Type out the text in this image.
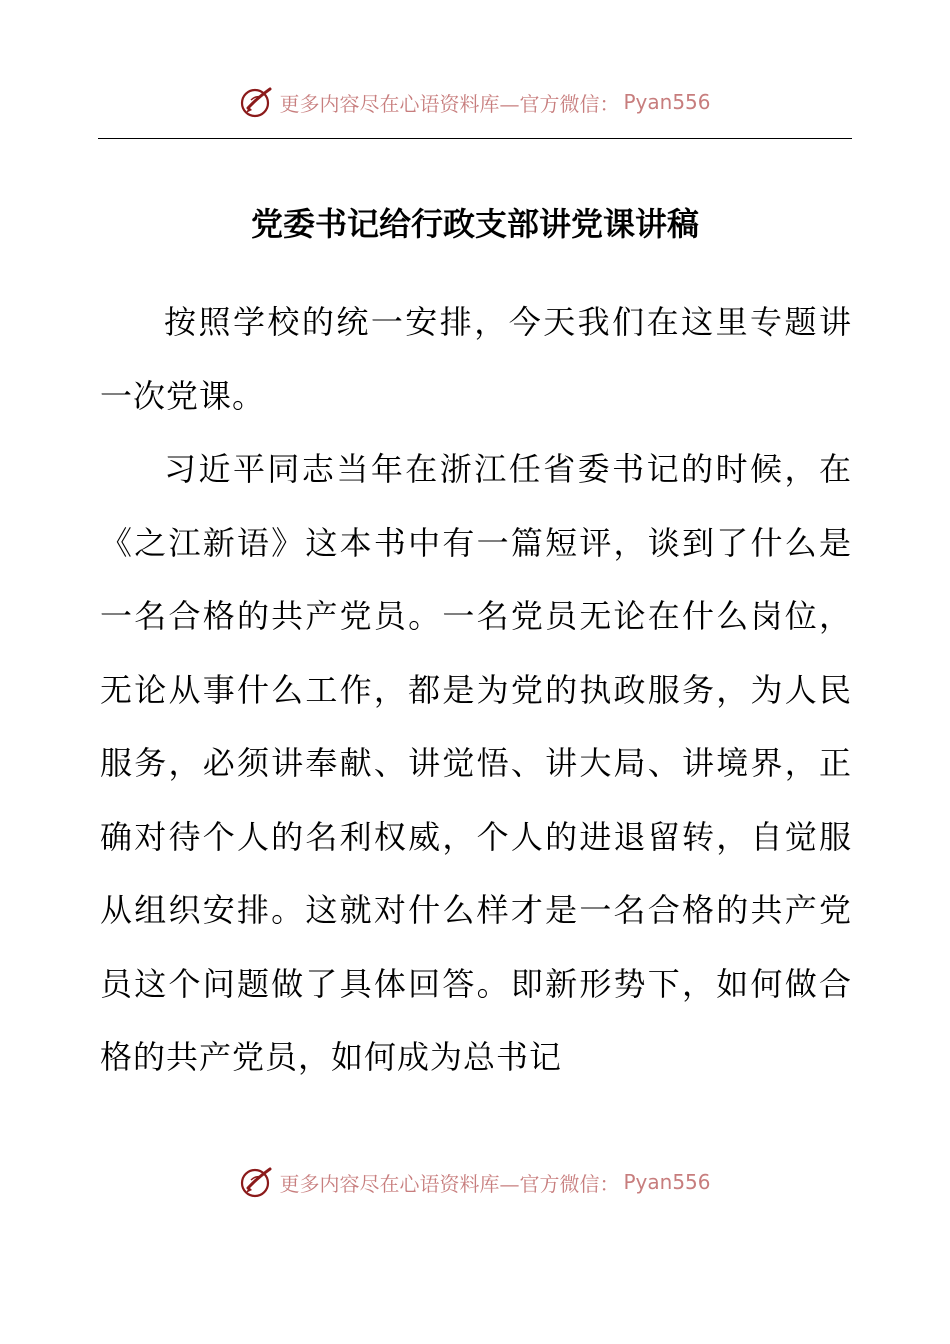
更多内容尽在心语资料库—官方微信： Pyan556
党委书记给行政支部讲党课讲稿

按照学校的统一安排，今天我们在这里专题讲一次党课。

习近平同志当年在浙江任省委书记的时候，在《之江新语》这本书中有一篇短评，谈到了什么是一名合格的共产党员。一名党员无论在什么岗位，无论从事什么工作，都是为党的执政服务，为人民服务，必须讲奉献、讲觉悟、讲大局、讲境界，正确对待个人的名利权威，个人的进退留转，自觉服从组织安排。这就对什么样才是一名合格的共产党员这个问题做了具体回答。即新形势下，如何做合格的共产党员，如何成为总书记

更多内容尽在心语资料库—官方微信： Pyan556
